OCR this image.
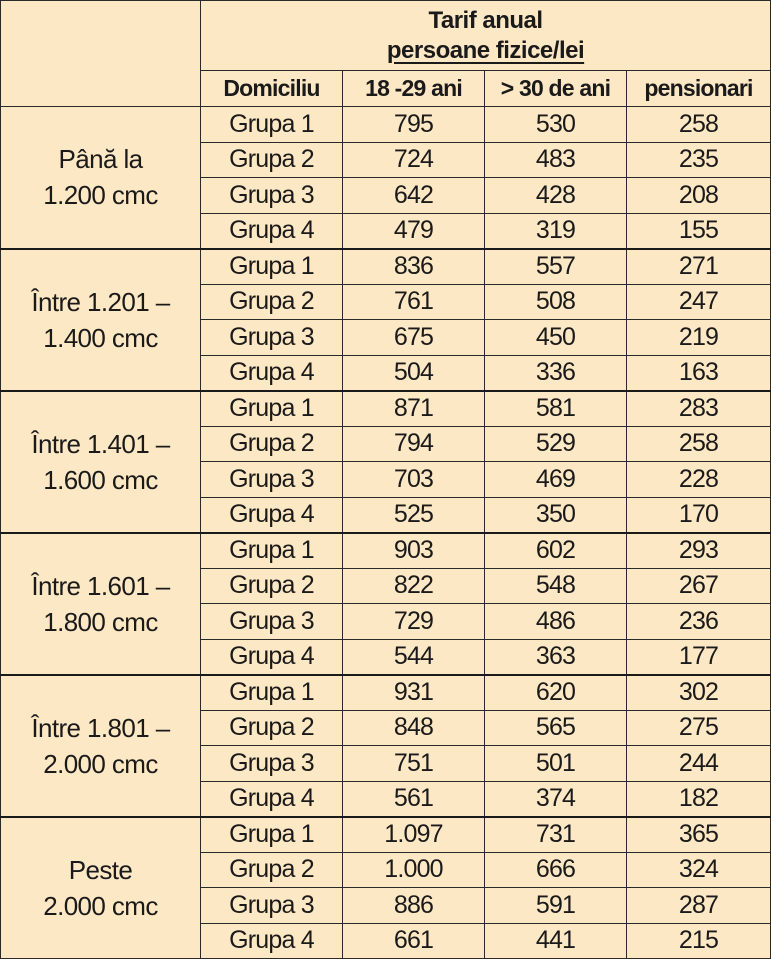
	Tarif anual
persoane fizice/lei			

	Domiciliu	18 -29 ani	> 30 de ani	pensionari

Până la
1.200 cmc	Grupa 1	795	530	258
	Grupa 2	724	483	235
	Grupa 3	642	428	208
	Grupa 4	479	319	155

Între 1.201 –
1.400 cmc	Grupa 1	836	557	271
	Grupa 2	761	508	247
	Grupa 3	675	450	219
	Grupa 4	504	336	163

Între 1.401 –
1.600 cmc	Grupa 1	871	581	283
	Grupa 2	794	529	258
	Grupa 3	703	469	228
	Grupa 4	525	350	170

Între 1.601 –
1.800 cmc	Grupa 1	903	602	293
	Grupa 2	822	548	267
	Grupa 3	729	486	236
	Grupa 4	544	363	177

Între 1.801 –
2.000 cmc	Grupa 1	931	620	302
	Grupa 2	848	565	275
	Grupa 3	751	501	244
	Grupa 4	561	374	182

Peste
2.000 cmc	Grupa 1	1.097	731	365
	Grupa 2	1.000	666	324
	Grupa 3	886	591	287
	Grupa 4	661	441	215
